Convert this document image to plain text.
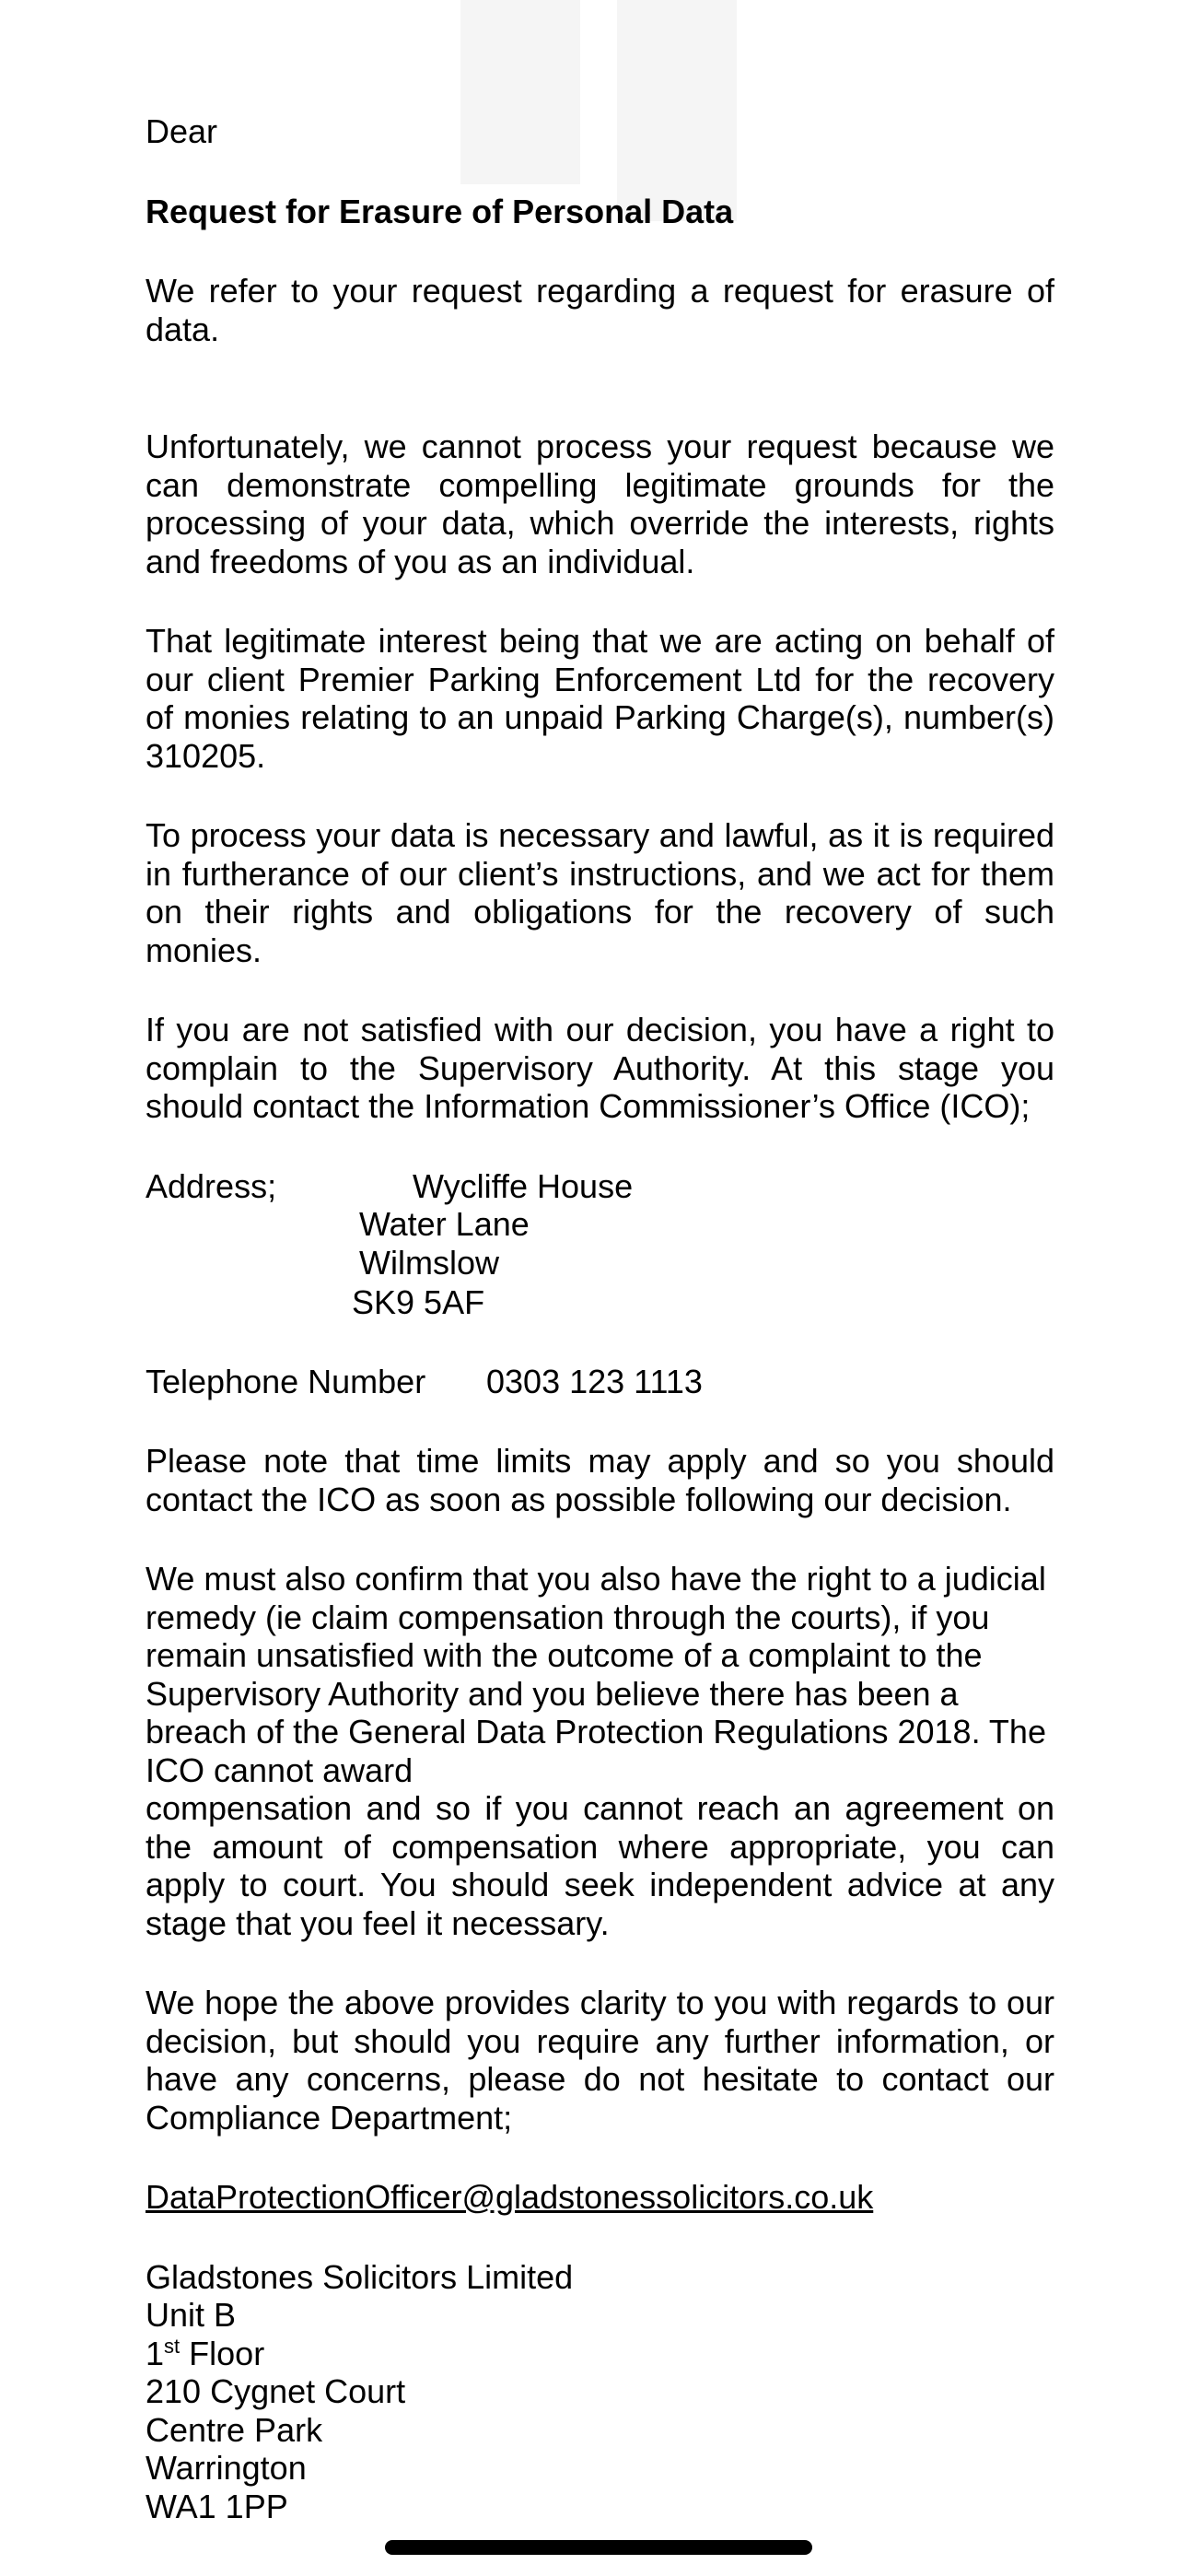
Dear

Request for Erasure of Personal Data

We refer to your request regarding a request for erasure of data.

Unfortunately, we cannot process your request because we can demonstrate compelling legitimate grounds for the processing of your data, which override the interests, rights and freedoms of you as an individual.

That legitimate interest being that we are acting on behalf of our client Premier Parking Enforcement Ltd for the recovery of monies relating to an unpaid Parking Charge(s), number(s) 310205.

To process your data is necessary and lawful, as it is required in furtherance of our client’s instructions, and we act for them on their rights and obligations for the recovery of such monies.

If you are not satisfied with our decision, you have a right to complain to the Supervisory Authority. At this stage you should contact the Information Commissioner’s Office (ICO);

Address;	Wycliffe House
Water Lane
Wilmslow
SK9 5AF
Telephone Number 0303 123 1113

Please note that time limits may apply and so you should contact the ICO as soon as possible following our decision.

We must also confirm that you also have the right to a judicial remedy (ie claim compensation through the courts), if you remain unsatisfied with the outcome of a complaint to the Supervisory Authority and you believe there has been a breach of the General Data Protection Regulations 2018. The ICO cannot award

compensation and so if you cannot reach an agreement on the amount of compensation where appropriate, you can apply to court. You should seek independent advice at any stage that you feel it necessary.

We hope the above provides clarity to you with regards to our decision, but should you require any further information, or have any concerns, please do not hesitate to contact our Compliance Department;

DataProtectionOfficer@gladstonessolicitors.co.uk

Gladstones Solicitors Limited

Unit B

1st Floor

210 Cygnet Court

Centre Park

Warrington

WA1 1PP
